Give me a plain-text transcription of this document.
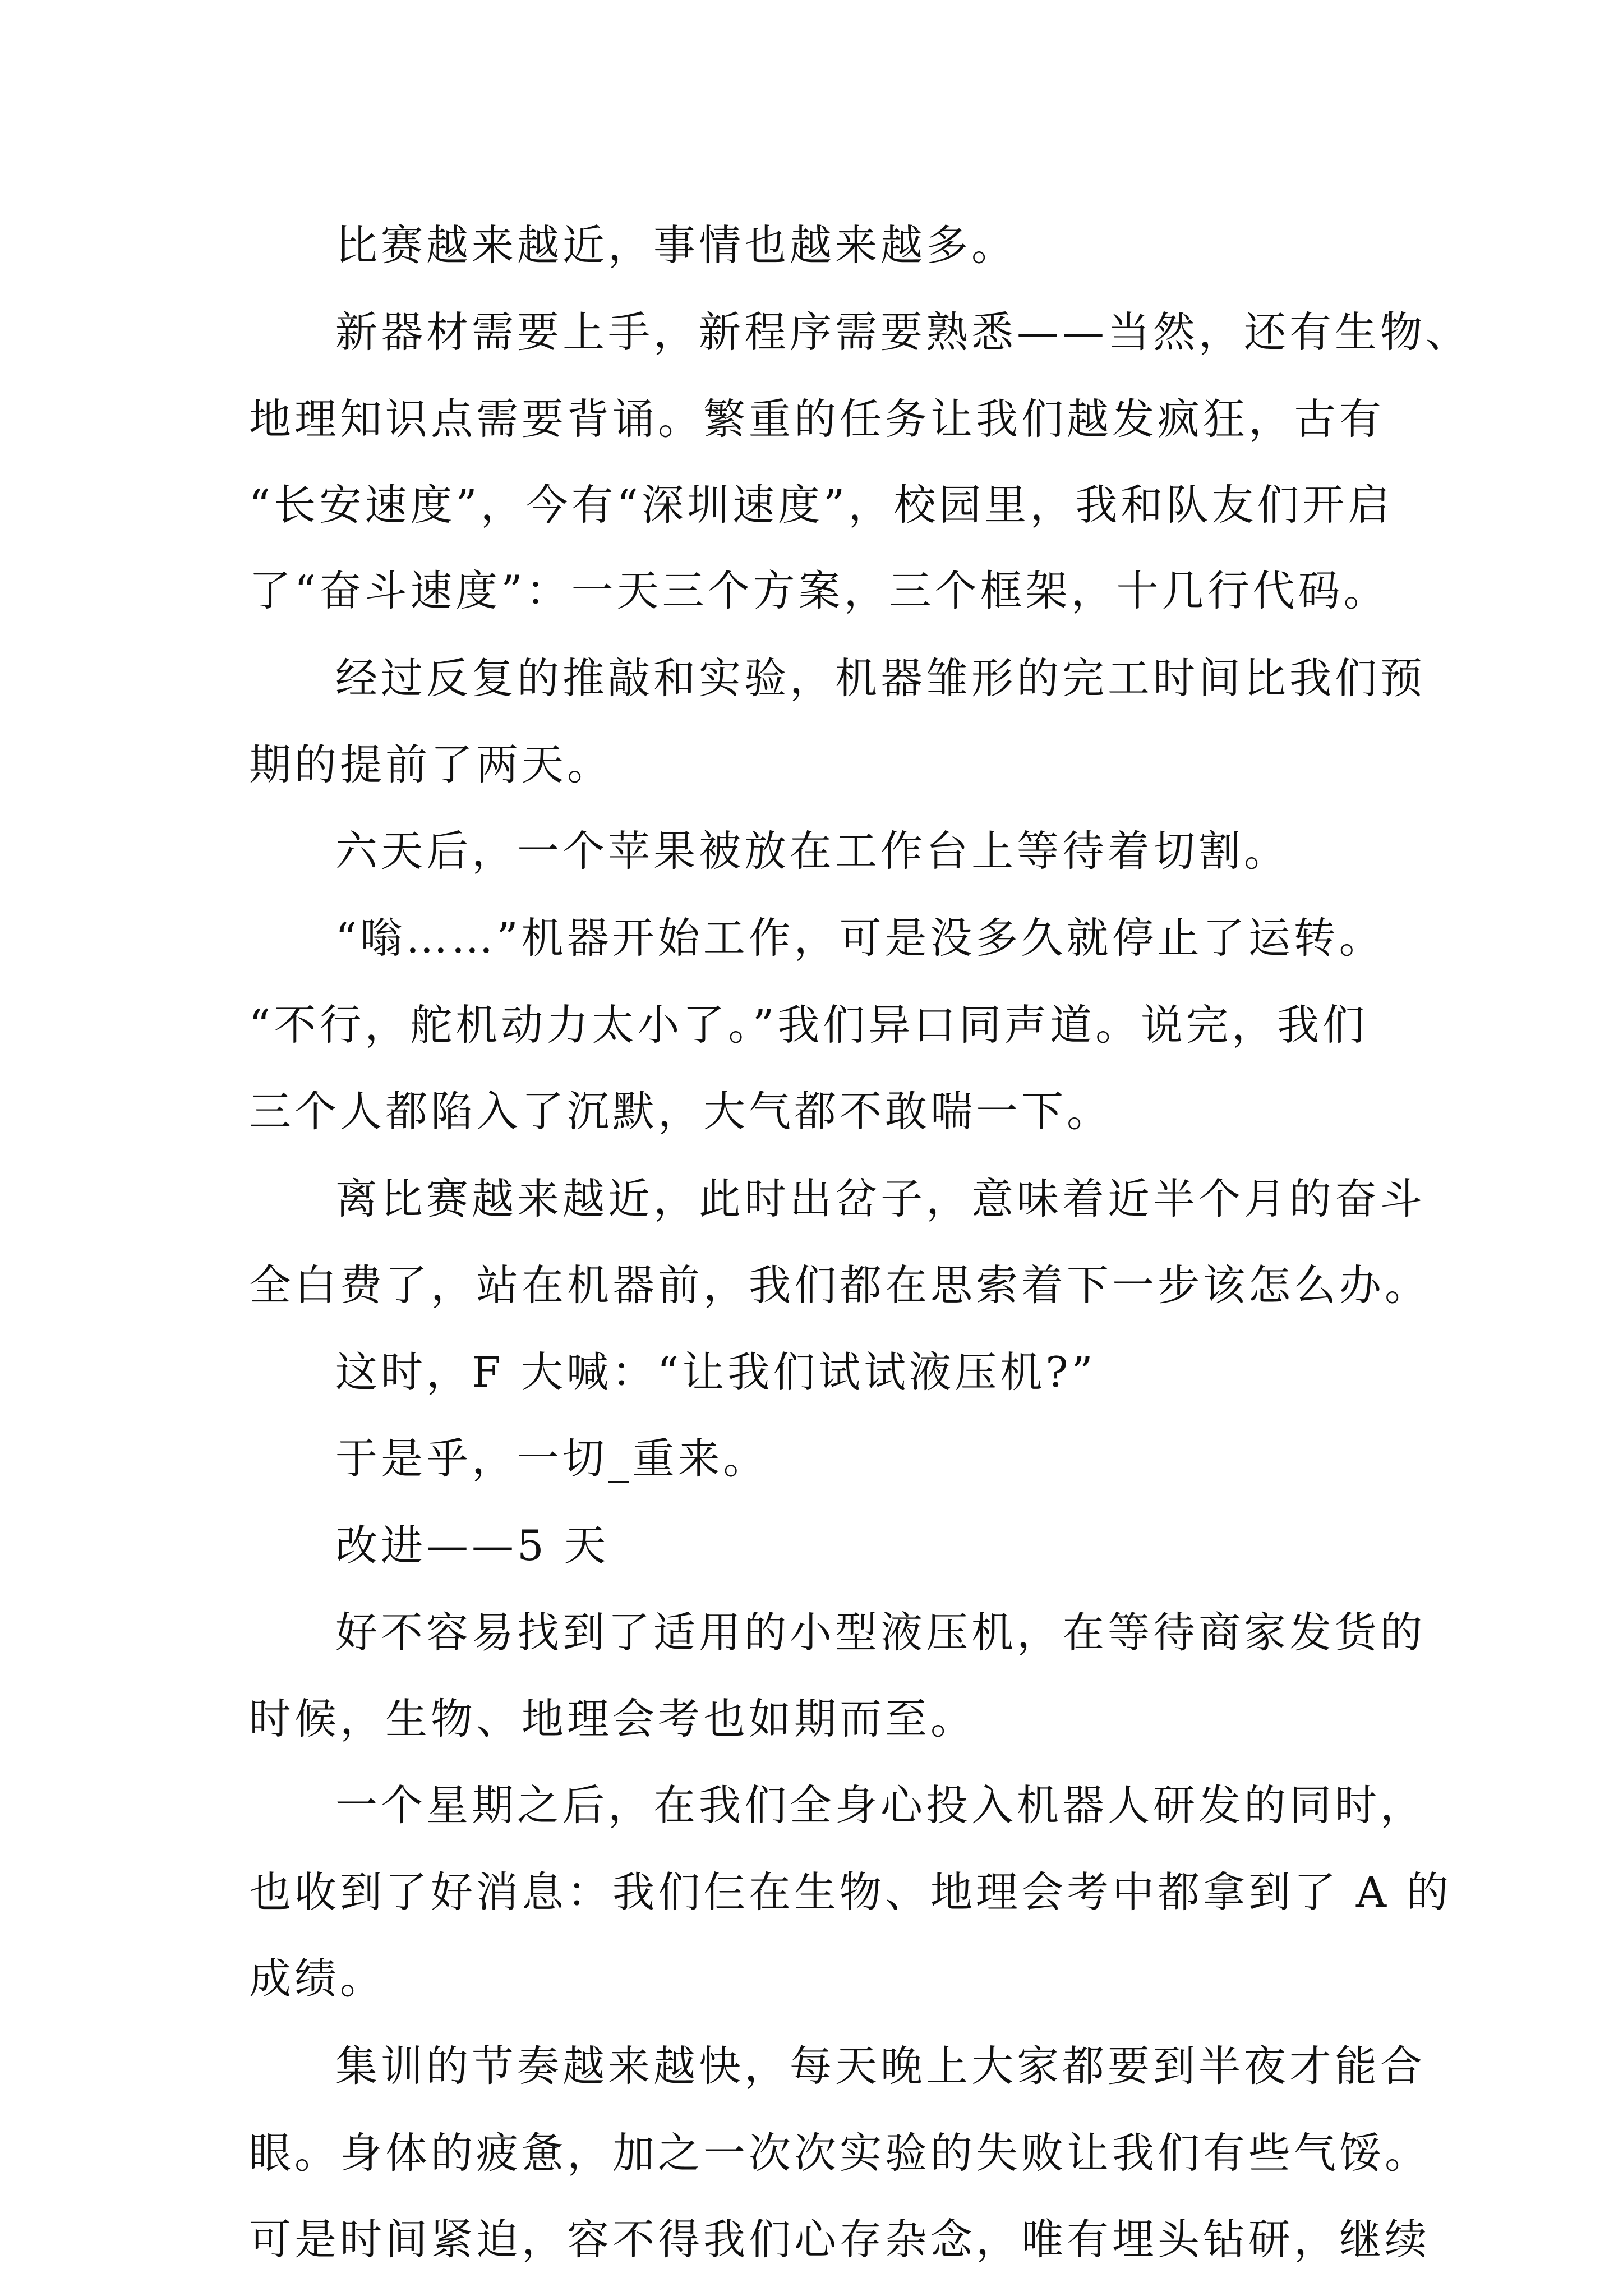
比赛越来越近，事情也越来越多。

新器材需要上手，新程序需要熟悉——当然，还有生物、

地理知识点需要背诵。繁重的任务让我们越发疯狂，古有

“长安速度”，今有“深圳速度”，校园里，我和队友们开启

了“奋斗速度”：一天三个方案，三个框架，十几行代码。

经过反复的推敲和实验，机器雏形的完工时间比我们预

期的提前了两天。

六天后，一个苹果被放在工作台上等待着切割。

“嗡……”机器开始工作，可是没多久就停止了运转。

“不行，舵机动力太小了。”我们异口同声道。说完，我们

三个人都陷入了沉默，大气都不敢喘一下。

离比赛越来越近，此时出岔子，意味着近半个月的奋斗

全白费了，站在机器前，我们都在思索着下一步该怎么办。

这时，F 大喊：“让我们试试液压机?”

于是乎，一切_重来。

改进——5 天

好不容易找到了适用的小型液压机，在等待商家发货的

时候，生物、地理会考也如期而至。

一个星期之后，在我们全身心投入机器人研发的同时，

也收到了好消息：我们仨在生物、地理会考中都拿到了 A 的

成绩。

集训的节奏越来越快，每天晚上大家都要到半夜才能合

眼。身体的疲惫，加之一次次实验的失败让我们有些气馁。

可是时间紧迫，容不得我们心存杂念，唯有埋头钻研，继续
